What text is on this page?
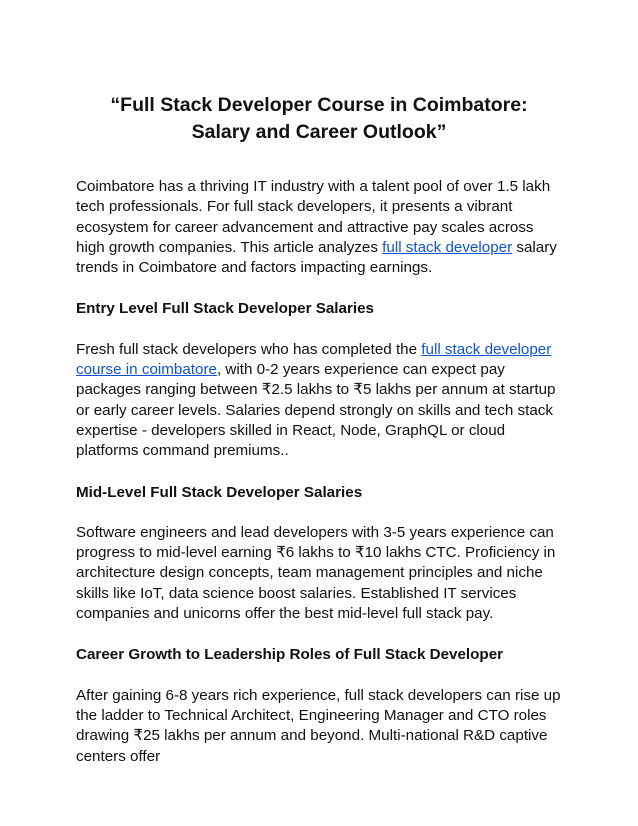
“Full Stack Developer Course in Coimbatore: Salary and Career Outlook”

Coimbatore has a thriving IT industry with a talent pool of over 1.5 lakh tech professionals. For full stack developers, it presents a vibrant ecosystem for career advancement and attractive pay scales across high growth companies. This article analyzes full stack developer salary trends in Coimbatore and factors impacting earnings.

Entry Level Full Stack Developer Salaries

Fresh full stack developers who has completed the full stack developer course in coimbatore, with 0-2 years experience can expect pay packages ranging between ₹2.5 lakhs to ₹5 lakhs per annum at startup or early career levels. Salaries depend strongly on skills and tech stack expertise - developers skilled in React, Node, GraphQL or cloud platforms command premiums..

Mid-Level Full Stack Developer Salaries

Software engineers and lead developers with 3-5 years experience can progress to mid-level earning ₹6 lakhs to ₹10 lakhs CTC. Proficiency in architecture design concepts, team management principles and niche skills like IoT, data science boost salaries. Established IT services companies and unicorns offer the best mid-level full stack pay.

Career Growth to Leadership Roles of Full Stack Developer

After gaining 6-8 years rich experience, full stack developers can rise up the ladder to Technical Architect, Engineering Manager and CTO roles drawing ₹25 lakhs per annum and beyond. Multi-national R&D captive centers offer
